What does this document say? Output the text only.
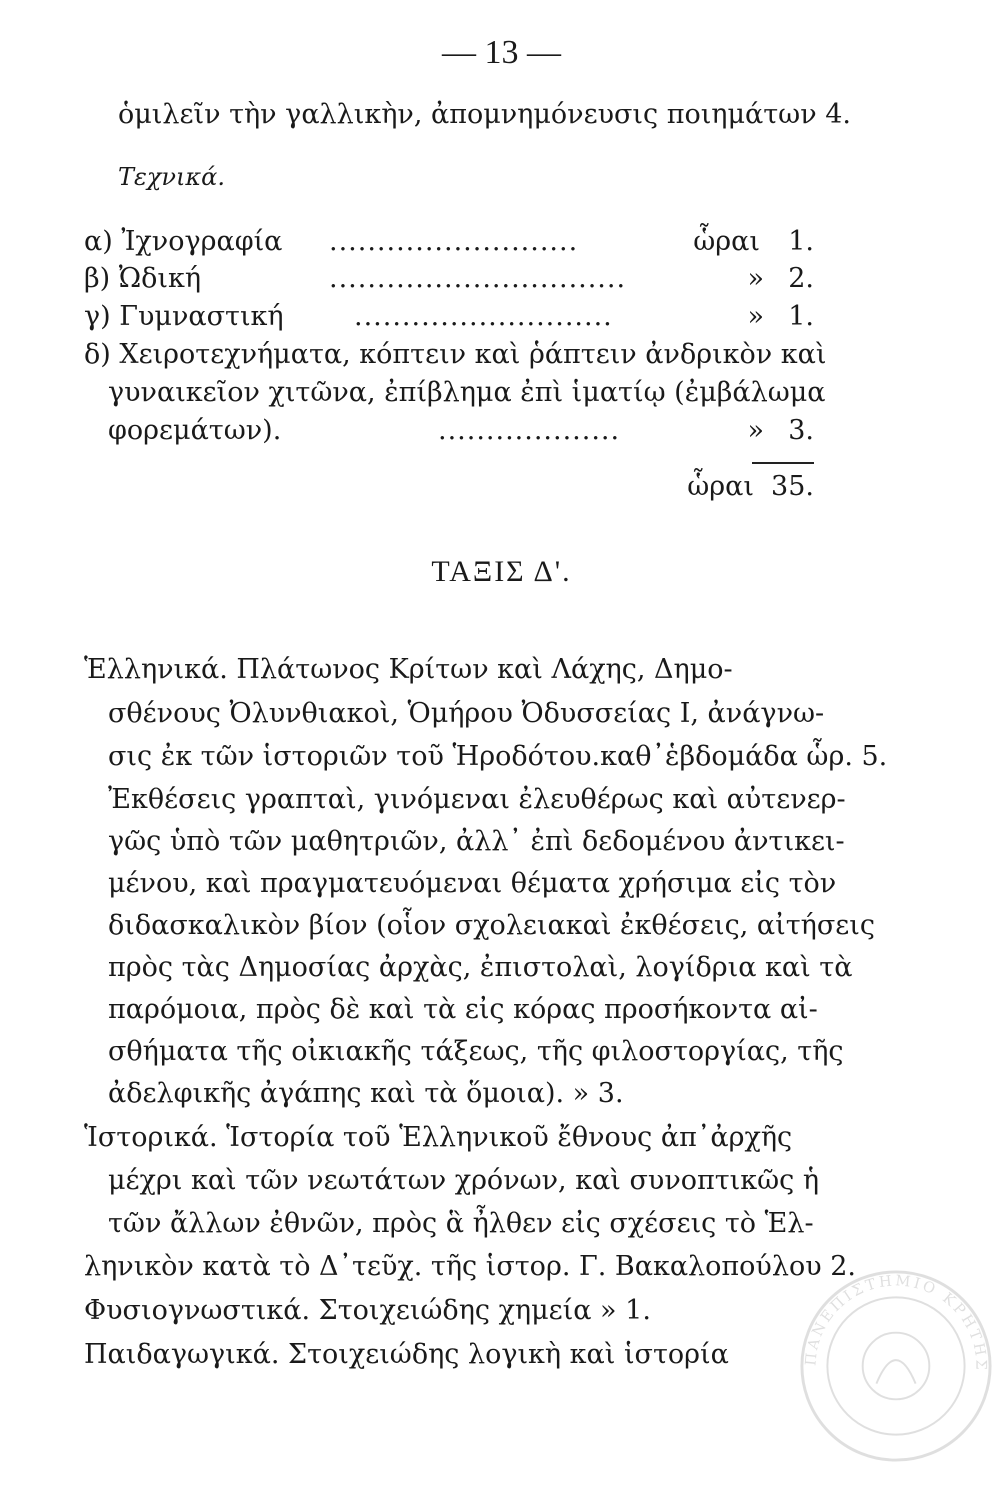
— 13 —
ὁμιλεῖν τὴν γαλλικὴν, ἀπομνημόνευσις ποιημάτων 4.
Τεχνικά.
α) Ἰχνογραφία ..........................	ὧραι 1.
β) Ὠδική	...............................	» 2.
γ) Γυμναστική	...........................	» 1.
δ) Χειροτεχνήματα, κόπτειν καὶ ῥάπτειν ἀνδρικὸν καὶ
γυναικεῖον χιτῶνα, ἐπίβλημα ἐπὶ ἱματίῳ (ἐμβάλωμα
φορεμάτων).	...................	» 3.
ὧραι 35.
ΤΑΞΙΣ Δ'.
Ἑλληνικά. Πλάτωνος Κρίτων καὶ Λάχης, Δημο-
σθένους Ὀλυνθιακοὶ, Ὁμήρου Ὀδυσσείας Ι, ἀνάγνω-
σις ἐκ τῶν ἱστοριῶν τοῦ Ἡροδότου.καθ᾽ἑβδομάδα ὧρ. 5.
Ἐκθέσεις γραπταὶ, γινόμεναι ἐλευθέρως καὶ αὐτενερ-
γῶς ὑπὸ τῶν μαθητριῶν, ἀλλ᾽ ἐπὶ δεδομένου ἀντικει-
μένου, καὶ πραγματευόμεναι θέματα χρήσιμα εἰς τὸν
διδασκαλικὸν βίον (οἷον σχολειακαὶ ἐκθέσεις, αἰτήσεις
πρὸς τὰς Δημοσίας ἀρχὰς, ἐπιστολαὶ, λογίδρια καὶ τὰ
παρόμοια, πρὸς δὲ καὶ τὰ εἰς κόρας προσήκοντα αἰ-
σθήματα τῆς οἰκιακῆς τάξεως, τῆς φιλοστοργίας, τῆς
ἀδελφικῆς ἀγάπης καὶ τὰ ὅμοια). » 3.
Ἱστορικά. Ἱστορία τοῦ Ἑλληνικοῦ ἔθνους ἀπ᾽ἀρχῆς
μέχρι καὶ τῶν νεωτάτων χρόνων, καὶ συνοπτικῶς ἡ
τῶν ἄλλων ἐθνῶν, πρὸς ἃ ἦλθεν εἰς σχέσεις τὸ Ἑλ-
ληνικὸν κατὰ τὸ Δ᾽τεῦχ. τῆς ἱστορ. Γ. Βακαλοπούλου 2.
Φυσιογνωστικά. Στοιχειώδης χημεία » 1.
Παιδαγωγικά. Στοιχειώδης λογικὴ καὶ ἱστορία	ΠΑΝΕΠΙΣΤΗΜΙΟ ΚΡΗΤΗΣ
